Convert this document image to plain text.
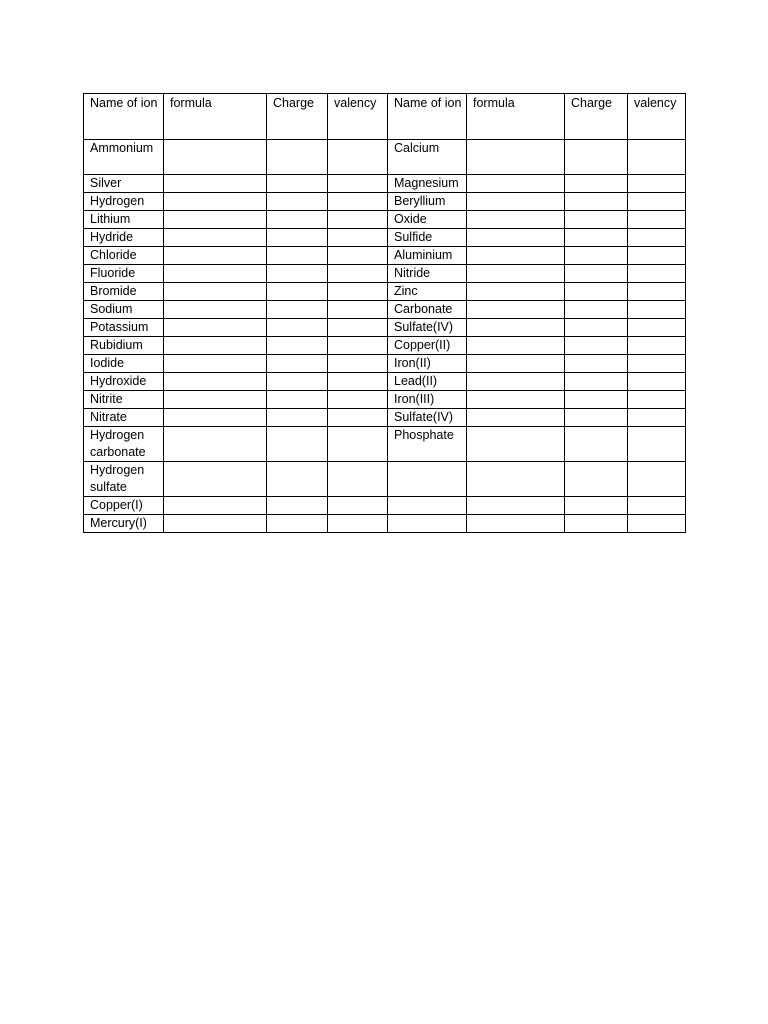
Name of ion	formula	Charge	valency	Name of ion	formula	Charge	valency
Ammonium				Calcium			
Silver				Magnesium			
Hydrogen				Beryllium			
Lithium				Oxide			
Hydride				Sulfide			
Chloride				Aluminium			
Fluoride				Nitride			
Bromide				Zinc			
Sodium				Carbonate			
Potassium				Sulfate(IV)			
Rubidium				Copper(II)			
Iodide				Iron(II)			
Hydroxide				Lead(II)			
Nitrite				Iron(III)			
Nitrate				Sulfate(IV)			
Hydrogen carbonate				Phosphate			
Hydrogen sulfate							
Copper(I)							
Mercury(I)							
